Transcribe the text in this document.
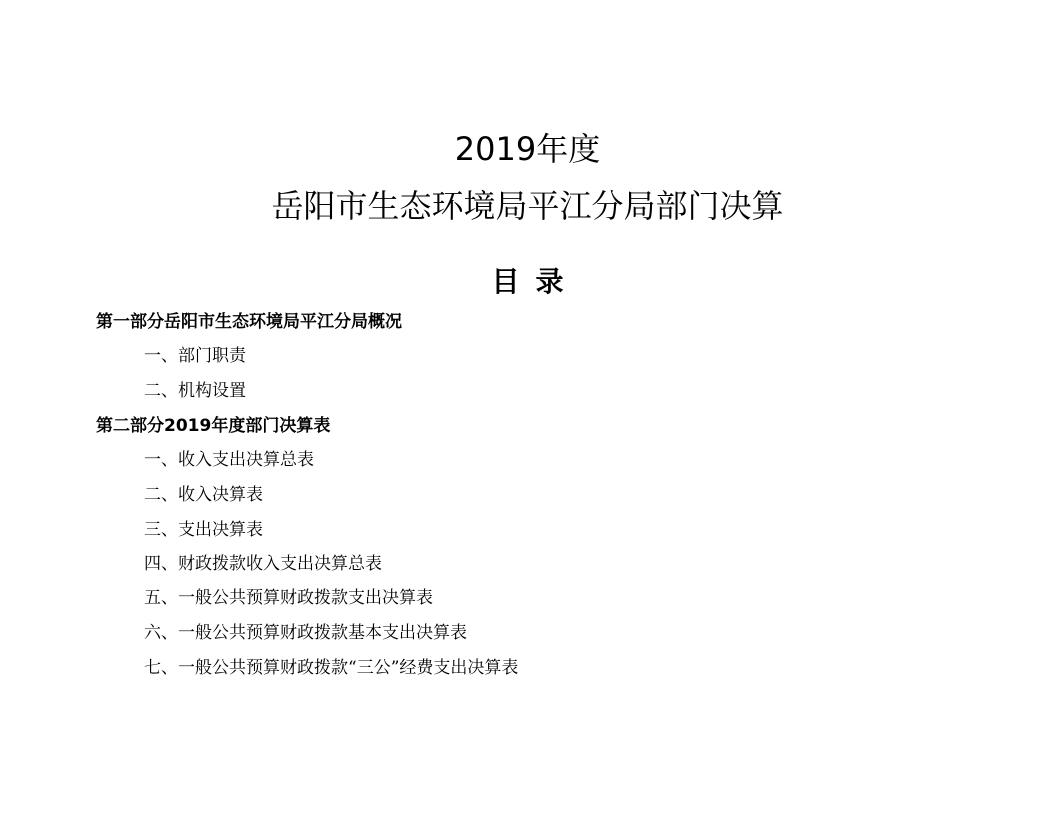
2019年度
岳阳市生态环境局平江分局部门决算
目录
第一部分岳阳市生态环境局平江分局概况
一、部门职责
二、机构设置
第二部分2019年度部门决算表
一、收入支出决算总表
二、收入决算表
三、支出决算表
四、财政拨款收入支出决算总表
五、一般公共预算财政拨款支出决算表
六、一般公共预算财政拨款基本支出决算表
七、一般公共预算财政拨款“三公”经费支出决算表
